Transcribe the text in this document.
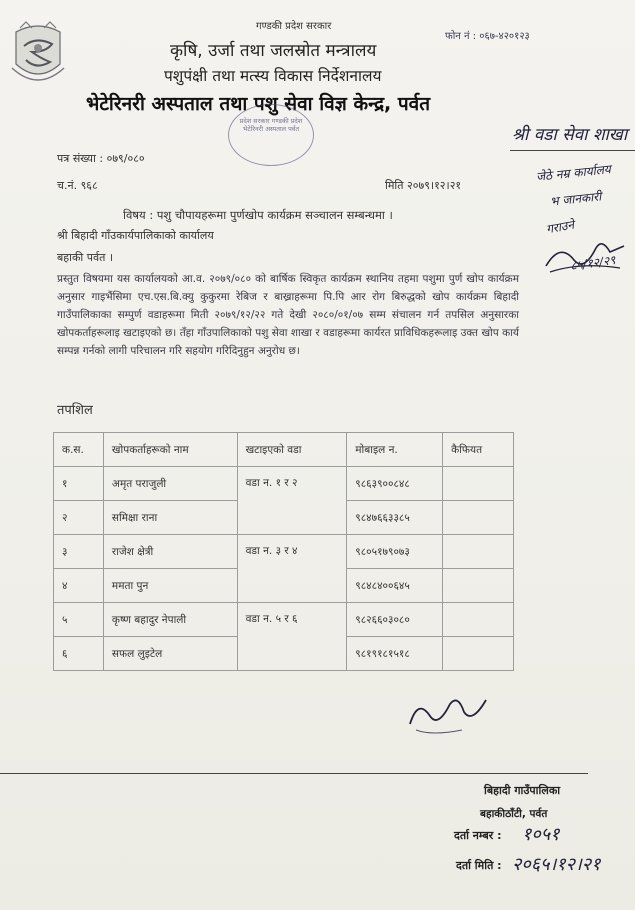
गण्डकी प्रदेश सरकार
फोन नं : ०६७-४२०१२३
कृषि, उर्जा तथा जलस्रोत मन्त्रालय
पशुपंक्षी तथा मत्स्य विकास निर्देशनालय
भेटेरिनरी अस्पताल तथा पशु सेवा विज्ञ केन्द्र, पर्वत
प्रदेश सरकार गण्डकी प्रदेश भेटेरिनरी अस्पताल पर्वत	श्री वडा सेवा शाखा
जेठे नम्र कार्यालय
भ जानकारी
गराउने
८५/१२/२९
पत्र संख्या : ०७९/०८०
च.नं. ९६८	मिति २०७९।१२।२१
विषय : पशु चौपायहरूमा पुर्णखोप कार्यक्रम सञ्चालन सम्बन्धमा ।
श्री बिहादी गाँउकार्यपालिकाको कार्यालय
बहाकी पर्वत ।
प्रस्तुत विषयमा यस कार्यालयको आ.व. २०७९/०८० को बार्षिक स्विकृत कार्यक्रम स्थानिय तहमा पशुमा पुर्ण खोप कार्यक्रम अनुसार गाइभैंसिमा एच.एस.बि.क्यु कुकुरमा रेबिज र बाख्राहरूमा पि.पि आर रोग बिरुद्धको खोप कार्यक्रम बिहादी गाउँपालिकाका सम्पुर्ण वडाहरूमा मिती २०७९/१२/२२ गते देखी २०८०/०१/०७ सम्म संचालन गर्न तपसिल अनुसारका खोपकर्ताहरूलाइ खटाइएको छ। तँहा गाँउपालिकाको पशु सेवा शाखा र वडाहरूमा कार्यरत प्राविधिकहरूलाइ उक्त खोप कार्य सम्पन्न गर्नको लागी परिचालन गरि सहयोग गरिदिनुहुन अनुरोध छ।
तपशिल
क.स.	खोपकर्ताहरूको नाम	खटाइएको वडा	मोबाइल न.	कैफियत
१	अमृत पराजुली	वडा न. १ र २	९८६३९००८४८	
२	समिक्षा राना		९८४७६६३३८५	
३	राजेश क्षेत्री	वडा न. ३ र ४	९८०५१७९०७३	
४	ममता पुन		९८४८४००६४५	
५	कृष्ण बहादुर नेपाली	वडा न. ५ र ६	९८२६६०३०८०	
६	सफल लुइटेल		९८१९१८१५१८	
बिहादी गाउँपालिका
बहाकीठाँटी, पर्वत
दर्ता नम्बर : १०५१
दर्ता मिति : २०६५।१२।२१
